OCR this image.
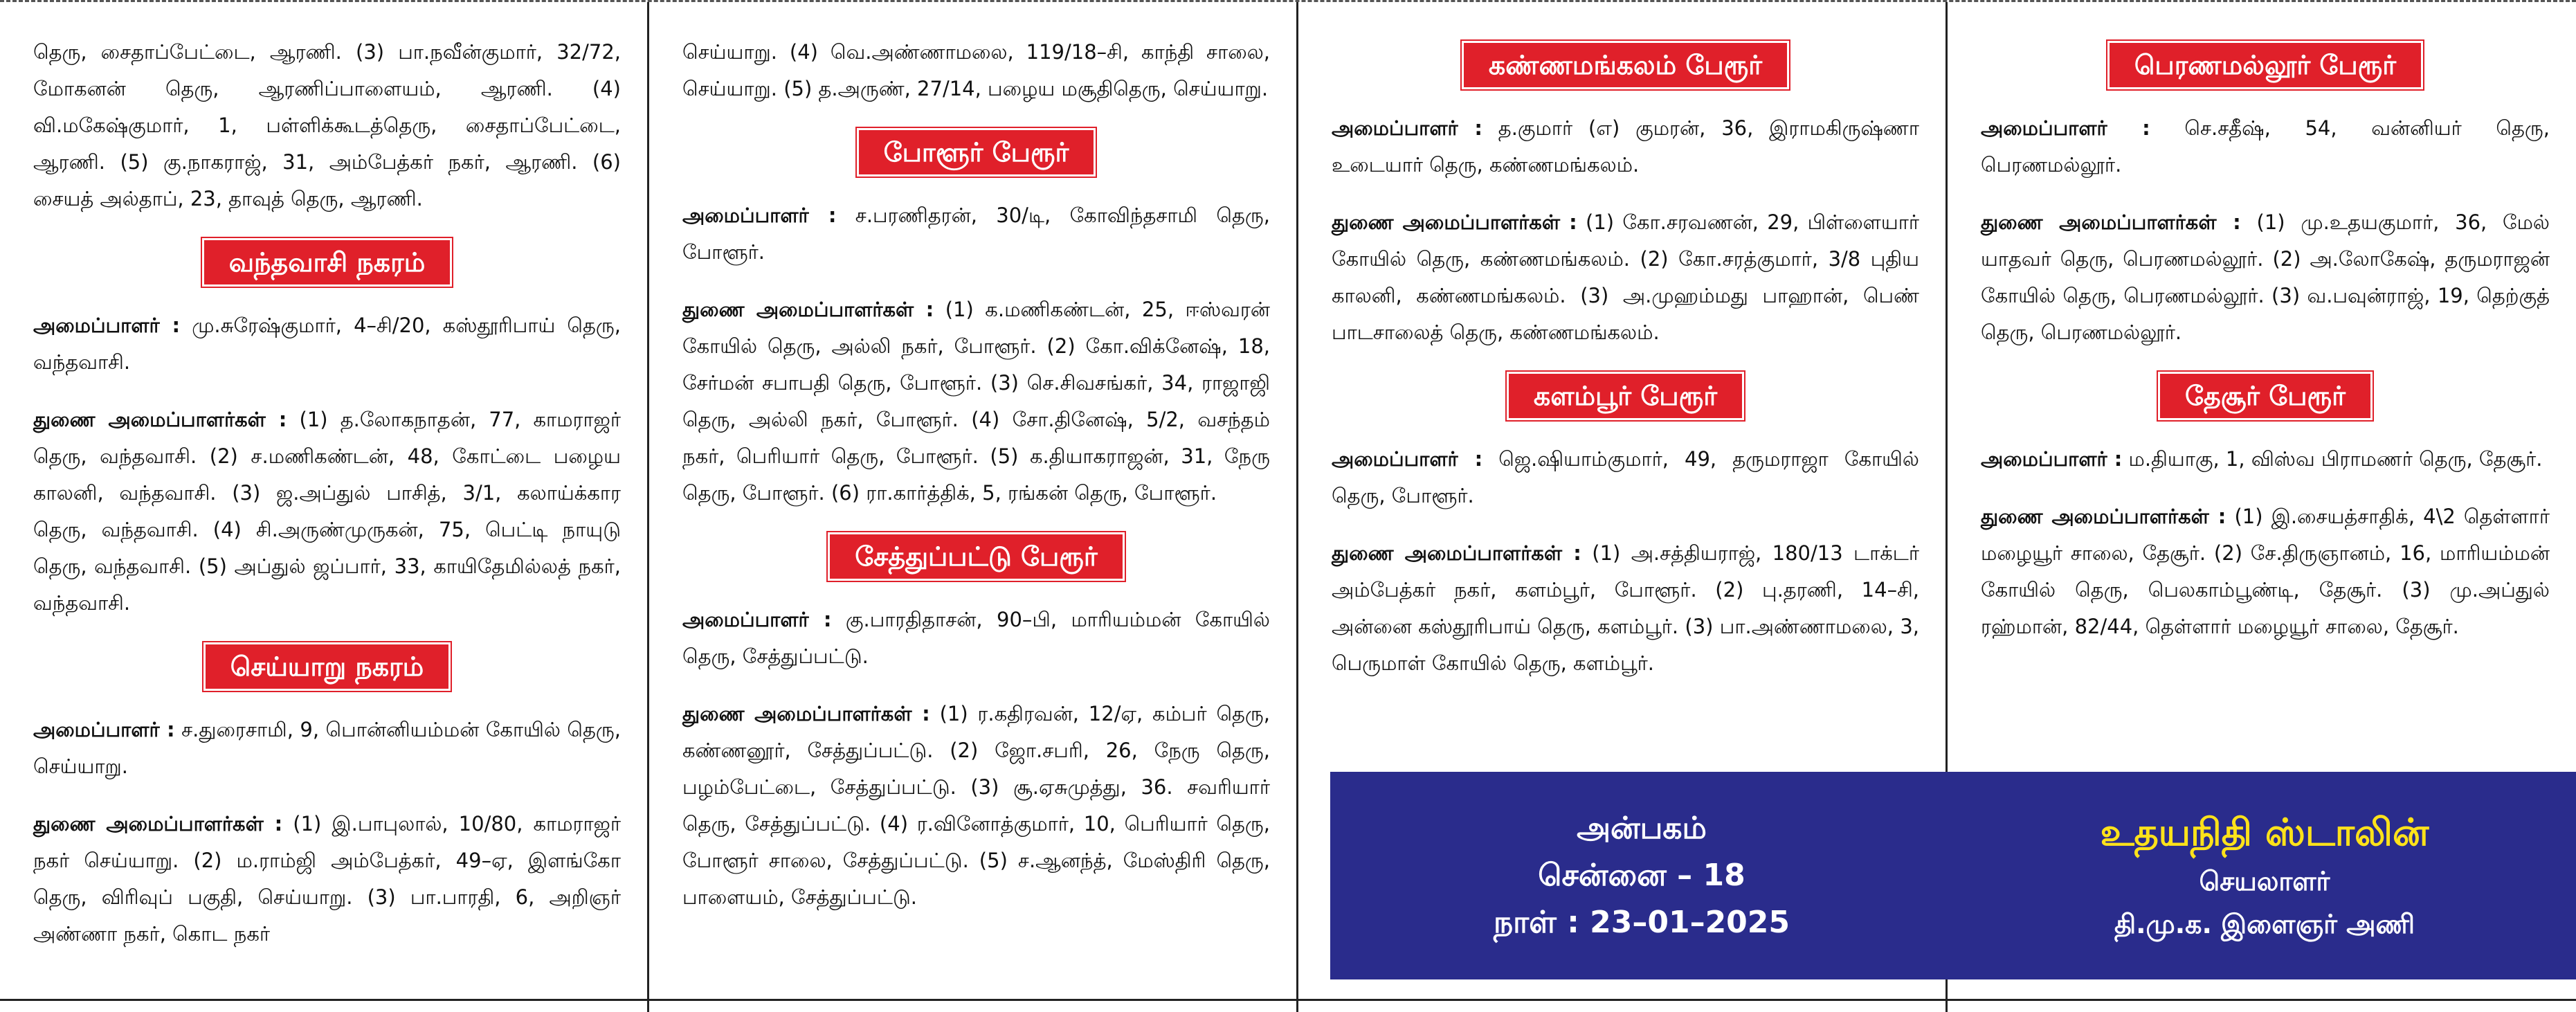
தெரு, சைதாப்பேட்டை, ஆரணி. (3) பா.நவீன்குமார், 32/72, மோகனன் தெரு, ஆரணிப்பாளையம், ஆரணி. (4) வி.மகேஷ்குமார், 1, பள்ளிக்கூடத்தெரு, சைதாப்பேட்டை, ஆரணி. (5) கு.நாகராஜ், 31, அம்பேத்கர் நகர், ஆரணி. (6) சையத் அல்தாப், 23, தாவுத் தெரு, ஆரணி.

வந்தவாசி நகரம்

அமைப்பாளர் : மு.சுரேஷ்குமார், 4–சி/20, கஸ்தூரிபாய் தெரு, வந்தவாசி.

துணை அமைப்பாளர்கள் : (1) த.லோகநாதன், 77, காமராஜர் தெரு, வந்தவாசி. (2) ச.மணிகண்டன், 48, கோட்டை பழைய காலனி, வந்தவாசி. (3) ஜ.அப்துல் பாசித், 3/1, கலாய்க்கார தெரு, வந்தவாசி. (4) சி.அருண்முருகன், 75, பெட்டி நாயுடு தெரு, வந்தவாசி. (5) அப்துல் ஜப்பார், 33, காயிதேமில்லத் நகர், வந்தவாசி.

செய்யாறு நகரம்

அமைப்பாளர் : ச.துரைசாமி, 9, பொன்னியம்மன் கோயில் தெரு, செய்யாறு.

துணை அமைப்பாளர்கள் : (1) இ.பாபுலால், 10/80, காமராஜர் நகர் செய்யாறு. (2) ம.ராம்ஜி அம்பேத்கர், 49–ஏ, இளங்கோ தெரு, விரிவுப் பகுதி, செய்யாறு. (3) பா.பாரதி, 6, அறிஞர் அண்ணா நகர், கொட நகர்

செய்யாறு. (4) வெ.அண்ணாமலை, 119/18–சி, காந்தி சாலை, செய்யாறு. (5) த.அருண், 27/14, பழைய மசூதிதெரு, செய்யாறு.

போளூர் பேரூர்

அமைப்பாளர் : ச.பரணிதரன், 30/டி, கோவிந்தசாமி தெரு, போளூர்.

துணை அமைப்பாளர்கள் : (1) க.மணிகண்டன், 25, ஈஸ்வரன் கோயில் தெரு, அல்லி நகர், போளூர். (2) கோ.விக்னேஷ், 18, சேர்மன் சபாபதி தெரு, போளூர். (3) செ.சிவசங்கர், 34, ராஜாஜி தெரு, அல்லி நகர், போளூர். (4) சோ.தினேஷ், 5/2, வசந்தம் நகர், பெரியார் தெரு, போளூர். (5) க.தியாகராஜன், 31, நேரு தெரு, போளூர். (6) ரா.கார்த்திக், 5, ரங்கன் தெரு, போளூர்.

சேத்துப்பட்டு பேரூர்

அமைப்பாளர் : கு.பாரதிதாசன், 90–பி, மாரியம்மன் கோயில் தெரு, சேத்துப்பட்டு.

துணை அமைப்பாளர்கள் : (1) ர.கதிரவன், 12/ஏ, கம்பர் தெரு, கண்ணனூர், சேத்துப்பட்டு. (2) ஜோ.சபரி, 26, நேரு தெரு, பழம்பேட்டை, சேத்துப்பட்டு. (3) சூ.ஏசுமுத்து, 36. சவரியார் தெரு, சேத்துப்பட்டு. (4) ர.வினோத்குமார், 10, பெரியார் தெரு, போளூர் சாலை, சேத்துப்பட்டு. (5) ச.ஆனந்த், மேஸ்திரி தெரு, பாளையம், சேத்துப்பட்டு.

கண்ணமங்கலம் பேரூர்

அமைப்பாளர் : த.குமார் (எ) குமரன், 36, இராமகிருஷ்ணா உடையார் தெரு, கண்ணமங்கலம்.

துணை அமைப்பாளர்கள் : (1) கோ.சரவணன், 29, பிள்ளையார் கோயில் தெரு, கண்ணமங்கலம். (2) கோ.சரத்குமார், 3/8 புதிய காலனி, கண்ணமங்கலம். (3) அ.முஹம்மது பாஹான், பெண் பாடசாலைத் தெரு, கண்ணமங்கலம்.

களம்பூர் பேரூர்

அமைப்பாளர் : ஜெ.ஷியாம்குமார், 49, தருமராஜா கோயில் தெரு, போளூர்.

துணை அமைப்பாளர்கள் : (1) அ.சத்தியராஜ், 180/13 டாக்டர் அம்பேத்கர் நகர், களம்பூர், போளூர். (2) பு.தரணி, 14–சி, அன்னை கஸ்தூரிபாய் தெரு, களம்பூர். (3) பா.அண்ணாமலை, 3, பெருமாள் கோயில் தெரு, களம்பூர்.

பெரணமல்லூர் பேரூர்

அமைப்பாளர் : செ.சதீஷ், 54, வன்னியர் தெரு, பெரணமல்லூர்.

துணை அமைப்பாளர்கள் : (1) மு.உதயகுமார், 36, மேல் யாதவர் தெரு, பெரணமல்லூர். (2) அ.லோகேஷ், தருமராஜன் கோயில் தெரு, பெரணமல்லூர். (3) வ.பவுன்ராஜ், 19, தெற்குத் தெரு, பெரணமல்லூர்.

தேசூர் பேரூர்

அமைப்பாளர் : ம.தியாகு, 1, விஸ்வ பிராமணர் தெரு, தேசூர்.

துணை அமைப்பாளர்கள் : (1) இ.சையத்சாதிக், 4\2 தெள்ளார் மழையூர் சாலை, தேசூர். (2) சே.திருஞானம், 16, மாரியம்மன் கோயில் தெரு, பெலகாம்பூண்டி, தேசூர். (3) மு.அப்துல் ரஹ்மான், 82/44, தெள்ளார் மழையூர் சாலை, தேசூர்.

அன்பகம்
சென்னை – 18
நாள் : 23–01–2025
உதயநிதி ஸ்டாலின்
செயலாளர்
தி.மு.க. இளைஞர் அணி
